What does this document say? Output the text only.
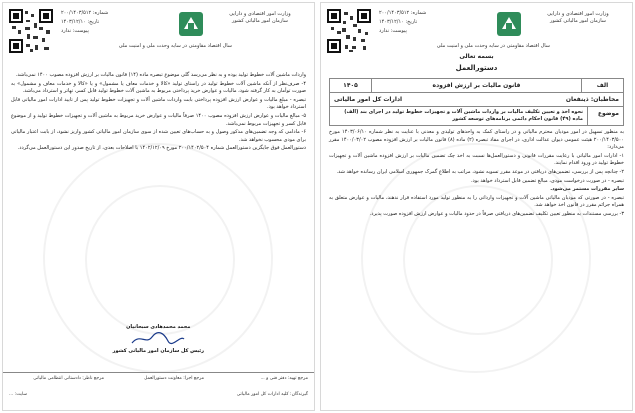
وزارت امور اقتصادی و دارایی
سازمان امور مالیاتی کشور
سال اقتصاد مقاومتی در سایه وحدت ملی و امنیت ملی
شماره: ۲۰۰/۱۴۰۳/۵۱۲
تاریخ: ۱۴۰۳/۱۲/۱۰
پیوست: ندارد

واردات ماشین آلات خطوط تولید بوده و به نظر می‌رسد گلی موضوع تبصره ماده (۱۴) قانون مالیات بر ارزش افزوده مصوب ۱۴۰۰ نمی‌باشد.

۴- صرف‌نظر از آنکه ماشین آلات خطوط تولید در راستای تولید «کالا و خدمات معاف یا مشمول» و یا «کالا و خدمات معاف و مشمول» به صورت توأمان به کار گرفته شود، مالیات و عوارض خرید پرداختی مربوط به ماشین آلات خطوط تولید قابل کسر، تهاتر و استرداد می‌باشد.

تبصره - مبلغ مالیات و عوارض ارزش افزوده پرداختی بابت واردات ماشین آلات و تجهیزات خطوط تولید پس از تایید ادارات امور مالیاتی قابل استرداد خواهد بود.

۵- مبالغ مالیات و عوارض ارزش افزوده مصوب ۱۴۰۰ صرفاً مالیات و عوارض خرید مربوط به ماشین آلات و تجهیزات خطوط تولید و از موضوع قابل کسر و تجهیزات مربوط نمی‌باشد.

۶- مادامی که وجه تضمین‌های مذکور وصول و به حساب‌های تعیین شده از سوی سازمان امور مالیاتی کشور واریز نشود، از بابت اعتبار مالیاتی برای مودی محسوب نخواهد شد.

دستورالعمل فوق جایگزین دستورالعمل شماره ۲۰۰/۱۴۰۲/۵۰۴ مورخ ۱۴۰۲/۱۲/۰۹ با اصلاحات بعدی، از تاریخ صدور این دستورالعمل می‌گردد.

محمد محمدهادی سبحانیان
رئیس کل سازمان امور مالیاتی کشور
مرجع تهیه: دفتر فنی و ...
مرجع اجرا: معاونت دستورالعمل
مرجع ناظر: دادستانی انتظامی مالیاتی
گیرندگان: کلیه ادارات کل امور مالیاتی
سایت: ...
وزارت امور اقتصادی و دارایی
سازمان امور مالیاتی کشور
سال اقتصاد مقاومتی در سایه وحدت ملی و امنیت ملی
شماره: ۲۰۰/۱۴۰۳/۵۱۲
تاریخ: ۱۴۰۳/۱۲/۱۰
پیوست: ندارد
بسمه تعالی
دستورالعمل
الف
قانون مالیات بر ارزش افزوده
۱۴۰۵
مخاطبان: ذینفعان
ادارات کل امور مالیاتی
موضوع
نحوه اخذ و تعیین تکلیف مالیات بر واردات ماشین آلات و تجهیزات خطوط تولید در اجرای بند (الف) ماده (۴۹) قانون احکام دائمی برنامه‌های توسعه کشور

به منظور تسهیل در امور مودیان محترم مالیاتی و در راستای کمک به واحدهای تولیدی و معدنی با عنایت به نظر شماره ۱۴۰۳/۰۶/۱۰ مورخ ۲۰۰/۱۴۰۳/۵۰۰ هیئت عمومی دیوان عدالت اداری، در اجرای مفاد تبصره (۲) ماده (۸) قانون مالیات بر ارزش افزوده مصوب ۱۴۰۰/۰۳/۰۲ مقرر می‌دارد:

۱- ادارات امور مالیاتی با رعایت مقررات قانونی و دستورالعمل‌ها نسبت به اخذ چک تضمین مالیات بر ارزش افزوده ماشین آلات و تجهیزات خطوط تولید در ورود اقدام نمایند.

۲- چنانچه پس از بررسی، تضمین‌های دریافتی در موعد مقرر تسویه نشود، مراتب به اطلاع گمرک جمهوری اسلامی ایران رسانده خواهد شد.

تبصره - در صورت درخواست مودی، مبالغ تضمین قابل استرداد خواهد بود.

سایر مقررات مستمر می‌شود.

تبصره - در صورتی که مودیان مالیاتی ماشین آلات و تجهیزات وارداتی را به منظور تولید مورد استفاده قرار ندهند، مالیات و عوارض متعلق به همراه جرائم مقرر در قانون اخذ خواهد شد.

۳- بررسی مستندات به منظور تعیین تکلیف تضمین‌های دریافتی صرفاً در حدود مالیات و عوارض ارزش افزوده صورت پذیرد.
